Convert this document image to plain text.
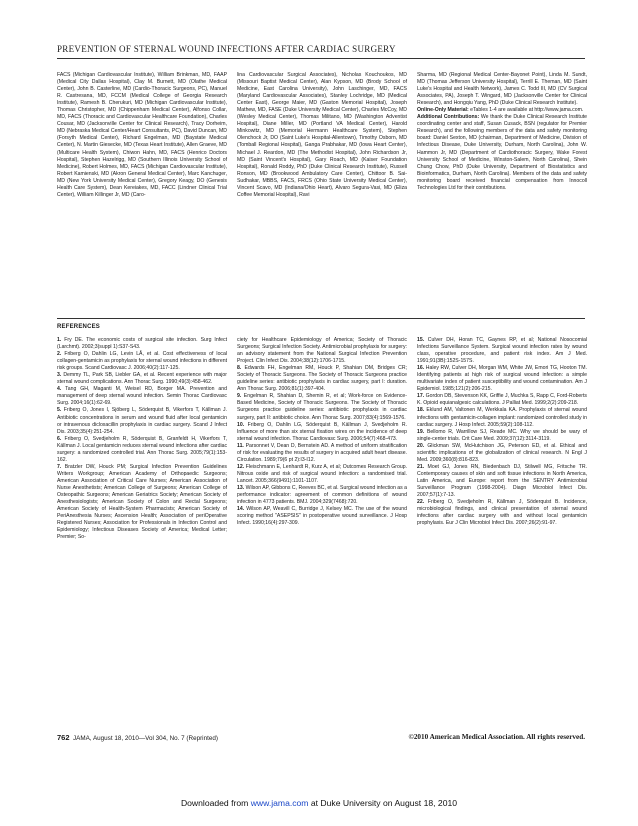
PREVENTION OF STERNAL WOUND INFECTIONS AFTER CARDIAC SURGERY

FACS (Michigan Cardiovascular Institute), William Brinkman, MD, FAAP (Medical City Dallas Hospital), Clay M. Burnett, MD (Olathe Medical Center), John B. Casterline, MD (Cardio-Thoracic Surgeons, PC), Manuel R. Castresana, MD, FCCM (Medical College of Georgia Research Institute), Ramesh B. Cherukuri, MD (Michigan Cardiovascular Institute), Thomas Christopher, MD (Chippenham Medical Center), Alfonso Collar, MD, FACS (Thoracic and Cardiovascular Healthcare Foundation), Charles Cousar, MD (Jacksonville Center for Clinical Research), Tracy Dorheim, MD (Nebraska Medical Center/Heart Consultants, PC), David Duncan, MD (Forsyth Medical Center), Richard Engelman, MD (Baystate Medical Center), N. Martin Giesecke, MD (Texas Heart Institute), Allen Graeve, MD (Multicare Health System), Chiwon Hahn, MD, FACS (Henrico Doctors Hospital), Stephen Hazelrigg, MD (Southern Illinois University School of Medicine), Robert Holmes, MD, FACS (Michigan Cardiovascular Institute), Robert Kamienski, MD (Akron General Medical Center), Marc Kanchuger, MD (New York University Medical Center), Gregory Keagy, DO (Genesis Health Care System), Dean Kereiakes, MD, FACC (Lindner Clinical Trial Center), William Killinger Jr, MD (Caro-

lina Cardiovascular Surgical Associates), Nicholas Kouchoukos, MD (Missouri Baptist Medical Center), Alan Kypson, MD (Brody School of Medicine, East Carolina University), John Laschinger, MD, FACS (Maryland Cardiovascular Associates), Stanley Lochridge, MD (Medical Center East), George Maier, MD (Gaston Memorial Hospital), Joseph Mathew, MD, FASE (Duke University Medical Center), Charles McCoy, MD (Wesley Medical Center), Thomas Militano, MD (Washington Adventist Hospital), Diane Miller, MD (Portland VA Medical Center), Harold Minkowitz, MD (Memorial Hermann Healthcare System), Stephen Olenchock Jr, DO (Saint Luke's Hospital-Allentown), Timothy Osborn, MD (Tomball Regional Hospital), Ganga Prabhakar, MD (Iowa Heart Center), Michael J. Reardon, MD (The Methodist Hospital), John Richardson Jr, MD (Saint Vincent's Hospital), Gary Roach, MD (Kaiser Foundation Hospital), Ronald Roddy, PhD (Duke Clinical Research Institute), Russell Ronson, MD (Brookwood Ambulatory Care Center), Chittoor B. Sai-Sudhakar, MBBS, FACS, FRCS (Ohio State University Medical Center), Vincent Scavo, MD (Indiana/Ohio Heart), Alvaro Segura-Vasi, MD (Eliza Coffee Memorial Hospital), Ravi

Sharma, MD (Regional Medical Center-Bayonet Point), Linda M. Sundt, MD (Thomas Jefferson University Hospital), Terrill E. Theman, MD (Saint Luke's Hospital and Health Network), James C. Todd III, MD (CV Surgical Associates, PA), Joseph T. Wingard, MD (Jacksonville Center for Clinical Research), and Hongqiu Yang, PhD (Duke Clinical Research Institute).

Online-Only Material: eTables 1-4 are available at http://www.jama.com.

Additional Contributions: We thank the Duke Clinical Research Institute coordinating center and staff, Susan Cusack, BSN (regulator for Premier Research), and the following members of the data and safety monitoring board: Daniel Sexton, MD (chairman, Department of Medicine, Division of Infectious Disease, Duke University, Durham, North Carolina), John W. Hammon Jr, MD (Department of Cardiothoracic Surgery, Wake Forest University School of Medicine, Winston-Salem, North Carolina), Shein Chung Chow, PhD (Duke University, Department of Biostatistics and Bioinformatics, Durham, North Carolina). Members of the data and safety monitoring board received financial compensation from Innocoll Technologies Ltd for their contributions.

REFERENCES

1. Fry DE. The economic costs of surgical site infection. Surg Infect (Larchmt). 2002;3(suppl 1):S37-S43.

2. Friberg O, Dahlin LG, Levin LÅ, et al. Cost effectiveness of local collagen-gentamicin as prophylaxis for sternal wound infections in different risk groups. Scand Cardiovasc J. 2006;40(2):117-125.

3. Demmy TL, Park SB, Liebler GA, et al. Recent experience with major sternal wound complications. Ann Thorac Surg. 1990;49(3):458-462.

4. Tang GH, Maganti M, Weisel RD, Borger MA. Prevention and management of deep sternal wound infection. Semin Thorac Cardiovasc Surg. 2004;16(1):62-69.

5. Friberg O, Jones I, Sjöberg L, Söderquist B, Vikerfors T, Källman J. Antibiotic concentrations in serum and wound fluid after local gentamicin or intravenous dicloxacillin prophylaxis in cardiac surgery. Scand J Infect Dis. 2003;35(4):251-254.

6. Friberg O, Svedjeholm R, Söderquist B, Granfeldt H, Vikerfors T, Källman J. Local gentamicin reduces sternal wound infections after cardiac surgery: a randomized controlled trial. Ann Thorac Surg. 2005;79(1):153-162.

7. Bratzler DW, Houck PM; Surgical Infection Prevention Guidelines Writers Workgroup; American Academy of Orthopaedic Surgeons; American Association of Critical Care Nurses; American Association of Nurse Anesthetists; American College of Surgeons; American College of Osteopathic Surgeons; American Geriatrics Society; American Society of Anesthesiologists; American Society of Colon and Rectal Surgeons; American Society of Health-System Pharmacists; American Society of PeriAnesthesia Nurses; Ascension Health; Association of periOperative Registered Nurses; Association for Professionals in Infection Control and Epidemiology; Infectious Diseases Society of America; Medical Letter; Premier; So-

ciety for Healthcare Epidemiology of America; Society of Thoracic Surgeons; Surgical Infection Society. Antimicrobial prophylaxis for surgery: an advisory statement from the National Surgical Infection Prevention Project. Clin Infect Dis. 2004;38(12):1706-1715.

8. Edwards FH, Engelman RM, Houck P, Shahian DM, Bridges CR; Society of Thoracic Surgeons. The Society of Thoracic Surgeons practice guideline series: antibiotic prophylaxis in cardiac surgery, part I: duration. Ann Thorac Surg. 2006;81(1):397-404.

9. Engelman R, Shahian D, Shemin R, et al; Work-force on Evidence-Based Medicine, Society of Thoracic Surgeons. The Society of Thoracic Surgeons practice guideline series: antibiotic prophylaxis in cardiac surgery, part II: antibiotic choice. Ann Thorac Surg. 2007;83(4):1569-1576.

10. Friberg O, Dahlin LG, Söderquist B, Källman J, Svedjeholm R. Influence of more than six sternal fixation wires on the incidence of deep sternal wound infection. Thorac Cardiovasc Surg. 2006;54(7):468-473.

11. Parsonnet V, Dean D, Bernstein AD. A method of uniform stratification of risk for evaluating the results of surgery in acquired adult heart disease. Circulation. 1989;79(6 pt 2):I3-I12.

12. Fleischmann E, Lenhardt R, Kurz A, et al; Outcomes Research Group. Nitrous oxide and risk of surgical wound infection: a randomised trial. Lancet. 2005;366(9491):1101-1107.

13. Wilson AP, Gibbons C, Reeves BC, et al. Surgical wound infection as a performance indicator: agreement of common definitions of wound infection in 4773 patients. BMJ. 2004;329(7468):720.

14. Wilson AP, Weavill C, Burridge J, Kelsey MC. The use of the wound scoring method "ASEPSIS" in postoperative wound surveillance. J Hosp Infect. 1990;16(4):297-309.

15. Culver DH, Horan TC, Gaynes RP, et al; National Nosocomial Infections Surveillance System. Surgical wound infection rates by wound class, operative procedure, and patient risk index. Am J Med. 1991;91(3B):152S-157S.

16. Haley RW, Culver DH, Morgan WM, White JW, Emori TG, Hooton TM. Identifying patients at high risk of surgical wound infection: a simple multivariate index of patient susceptibility and wound contamination. Am J Epidemiol. 1985;121(2):206-215.

17. Gordon DB, Stevenson KK, Griffie J, Muchka S, Rapp C, Ford-Roberts K. Opioid equianalgesic calculations. J Palliat Med. 1999;2(2):209-218.

18. Eklund AM, Valtonen M, Werkkala KA. Prophylaxis of sternal wound infections with gentamicin-collagen implant: randomized controlled study in cardiac surgery. J Hosp Infect. 2005;59(2):108-112.

19. Bellomo R, Warrillow SJ, Reade MC. Why we should be wary of single-center trials. Crit Care Med. 2009;37(12):3114-3119.

20. Glickman SW, McHutchison JG, Peterson ED, et al. Ethical and scientific implications of the globalization of clinical research. N Engl J Med. 2009;360(8):816-823.

21. Moet GJ, Jones RN, Biedenbach DJ, Stilwell MG, Fritsche TR. Contemporary causes of skin and soft tissue infections in North America, Latin America, and Europe: report from the SENTRY Antimicrobial Surveillance Program (1998-2004). Diagn Microbiol Infect Dis. 2007;57(1):7-13.

22. Friberg O, Svedjeholm R, Källman J, Söderquist B. Incidence, microbiological findings, and clinical presentation of sternal wound infections after cardiac surgery with and without local gentamicin prophylaxis. Eur J Clin Microbiol Infect Dis. 2007;26(2):91-97.

762 JAMA, August 18, 2010—Vol 304, No. 7 (Reprinted)	©2010 American Medical Association. All rights reserved.
Downloaded from www.jama.com at Duke University on August 18, 2010
